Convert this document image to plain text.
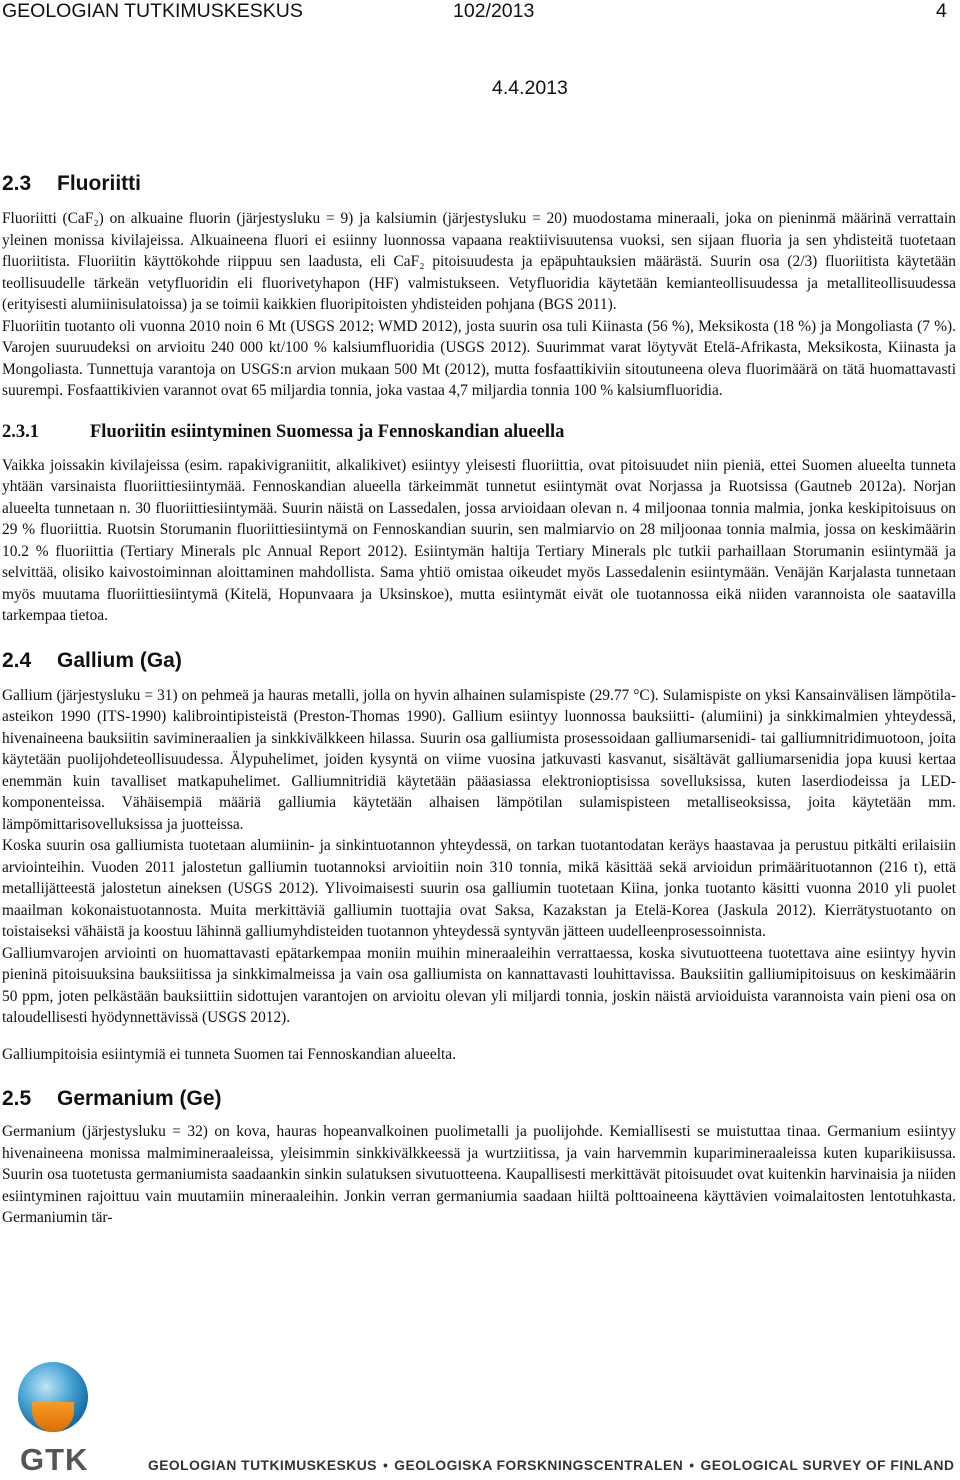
GEOLOGIAN TUTKIMUSKESKUS	102/2013	4
4.4.2013
2.3	Fluoriitti

Fluoriitti (CaF₂) on alkuaine fluorin (järjestysluku = 9) ja kalsiumin (järjestysluku = 20) muodostama mineraali, joka on pieninmä määrinä verrattain yleinen monissa kivilajeissa. Alkuaineena fluori ei esiinny luonnossa vapaana reaktiivisuutensa vuoksi, sen sijaan fluoria ja sen yhdisteitä tuotetaan fluoriitista. Fluoriitin käyttökohde riippuu sen laadusta, eli CaF₂ pitoisuudesta ja epäpuhtauksien määrästä. Suurin osa (2/3) fluoriitista käytetään teollisuudelle tärkeän vetyfluoridin eli fluorivetyhapon (HF) valmistukseen. Vetyfluoridia käytetään kemianteollisuudessa ja metalliteollisuudessa (erityisesti alumiinisulatoissa) ja se toimii kaikkien fluoripitoisten yhdisteiden pohjana (BGS 2011).

Fluoriitin tuotanto oli vuonna 2010 noin 6 Mt (USGS 2012; WMD 2012), josta suurin osa tuli Kiinasta (56 %), Meksikosta (18 %) ja Mongoliasta (7 %). Varojen suuruudeksi on arvioitu 240 000 kt/100 % kalsiumfluoridia (USGS 2012). Suurimmat varat löytyvät Etelä-Afrikasta, Meksikosta, Kiinasta ja Mongoliasta. Tunnettuja varantoja on USGS:n arvion mukaan 500 Mt (2012), mutta fosfaattikiviin sitoutuneena oleva fluorimäärä on tätä huomattavasti suurempi. Fosfaattikivien varannot ovat 65 miljardia tonnia, joka vastaa 4,7 miljardia tonnia 100 % kalsiumfluoridia.

2.3.1	Fluoriitin esiintyminen Suomessa ja Fennoskandian alueella

Vaikka joissakin kivilajeissa (esim. rapakivigraniitit, alkalikivet) esiintyy yleisesti fluoriittia, ovat pitoisuudet niin pieniä, ettei Suomen alueelta tunneta yhtään varsinaista fluoriittiesiintymää. Fennoskandian alueella tärkeimmät tunnetut esiintymät ovat Norjassa ja Ruotsissa (Gautneb 2012a). Norjan alueelta tunnetaan n. 30 fluoriittiesiintymää. Suurin näistä on Lassedalen, jossa arvioidaan olevan n. 4 miljoonaa tonnia malmia, jonka keskipitoisuus on 29 % fluoriittia. Ruotsin Storumanin fluoriittiesiintymä on Fennoskandian suurin, sen malmiarvio on 28 miljoonaa tonnia malmia, jossa on keskimäärin 10.2 % fluoriittia (Tertiary Minerals plc Annual Report 2012). Esiintymän haltija Tertiary Minerals plc tutkii parhaillaan Storumanin esiintymää ja selvittää, olisiko kaivostoiminnan aloittaminen mahdollista. Sama yhtiö omistaa oikeudet myös Lassedalenin esiintymään. Venäjän Karjalasta tunnetaan myös muutama fluoriittiesiintymä (Kitelä, Hopunvaara ja Uksinskoe), mutta esiintymät eivät ole tuotannossa eikä niiden varannoista ole saatavilla tarkempaa tietoa.

2.4	Gallium (Ga)

Gallium (järjestysluku = 31) on pehmeä ja hauras metalli, jolla on hyvin alhainen sulamispiste (29.77 °C). Sulamispiste on yksi Kansainvälisen lämpötila-asteikon 1990 (ITS-1990) kalibrointipisteistä (Preston-Thomas 1990). Gallium esiintyy luonnossa bauksiitti- (alumiini) ja sinkkimalmien yhteydessä, hivenaineena bauksiitin savimineraalien ja sinkkivälkkeen hilassa. Suurin osa galliumista prosessoidaan galliumarsenidi- tai galliumnitridimuotoon, joita käytetään puolijohdeteollisuudessa. Älypuhelimet, joiden kysyntä on viime vuosina jatkuvasti kasvanut, sisältävät galliumarsenidia jopa kuusi kertaa enemmän kuin tavalliset matkapuhelimet. Galliumnitridiä käytetään pääasiassa elektronioptisissa sovelluksissa, kuten laserdiodeissa ja LED-komponenteissa. Vähäisempiä määriä galliumia käytetään alhaisen lämpötilan sulamispisteen metalliseoksissa, joita käytetään mm. lämpömittarisovelluksissa ja juotteissa.

Koska suurin osa galliumista tuotetaan alumiinin- ja sinkintuotannon yhteydessä, on tarkan tuotantodatan keräys haastavaa ja perustuu pitkälti erilaisiin arviointeihin. Vuoden 2011 jalostetun galliumin tuotannoksi arvioitiin noin 310 tonnia, mikä käsittää sekä arvioidun primäärituotannon (216 t), että metallijätteestä jalostetun aineksen (USGS 2012). Ylivoimaisesti suurin osa galliumin tuotetaan Kiina, jonka tuotanto käsitti vuonna 2010 yli puolet maailman kokonaistuotannosta. Muita merkittäviä galliumin tuottajia ovat Saksa, Kazakstan ja Etelä-Korea (Jaskula 2012). Kierrätystuotanto on toistaiseksi vähäistä ja koostuu lähinnä galliumyhdisteiden tuotannon yhteydessä syntyvän jätteen uudelleenprosessoinnista.

Galliumvarojen arviointi on huomattavasti epätarkempaa moniin muihin mineraaleihin verrattaessa, koska sivutuotteena tuotettava aine esiintyy hyvin pieninä pitoisuuksina bauksiitissa ja sinkkimalmeissa ja vain osa galliumista on kannattavasti louhittavissa. Bauksiitin galliumipitoisuus on keskimäärin 50 ppm, joten pelkästään bauksiittiin sidottujen varantojen on arvioitu olevan yli miljardi tonnia, joskin näistä arvioiduista varannoista vain pieni osa on taloudellisesti hyödynnettävissä (USGS 2012).

Galliumpitoisia esiintymiä ei tunneta Suomen tai Fennoskandian alueelta.

2.5	Germanium (Ge)

Germanium (järjestysluku = 32) on kova, hauras hopeanvalkoinen puolimetalli ja puolijohde. Kemiallisesti se muistuttaa tinaa. Germanium esiintyy hivenaineena monissa malmimineraaleissa, yleisimmin sinkkivälkkeessä ja wurtziitissa, ja vain harvemmin kuparimineraaleissa kuten kuparikiisussa. Suurin osa tuotetusta germaniumista saadaankin sinkin sulatuksen sivutuotteena. Kaupallisesti merkittävät pitoisuudet ovat kuitenkin harvinaisia ja niiden esiintyminen rajoittuu vain muutamiin mineraaleihin. Jonkin verran germaniumia saadaan hiiltä polttoaineena käyttävien voimalaitosten lentotuhkasta. Germaniumin tär-

GTK	GEOLOGIAN TUTKIMUSKESKUS • GEOLOGISKA FORSKNINGSCENTRALEN • GEOLOGICAL SURVEY OF FINLAND
